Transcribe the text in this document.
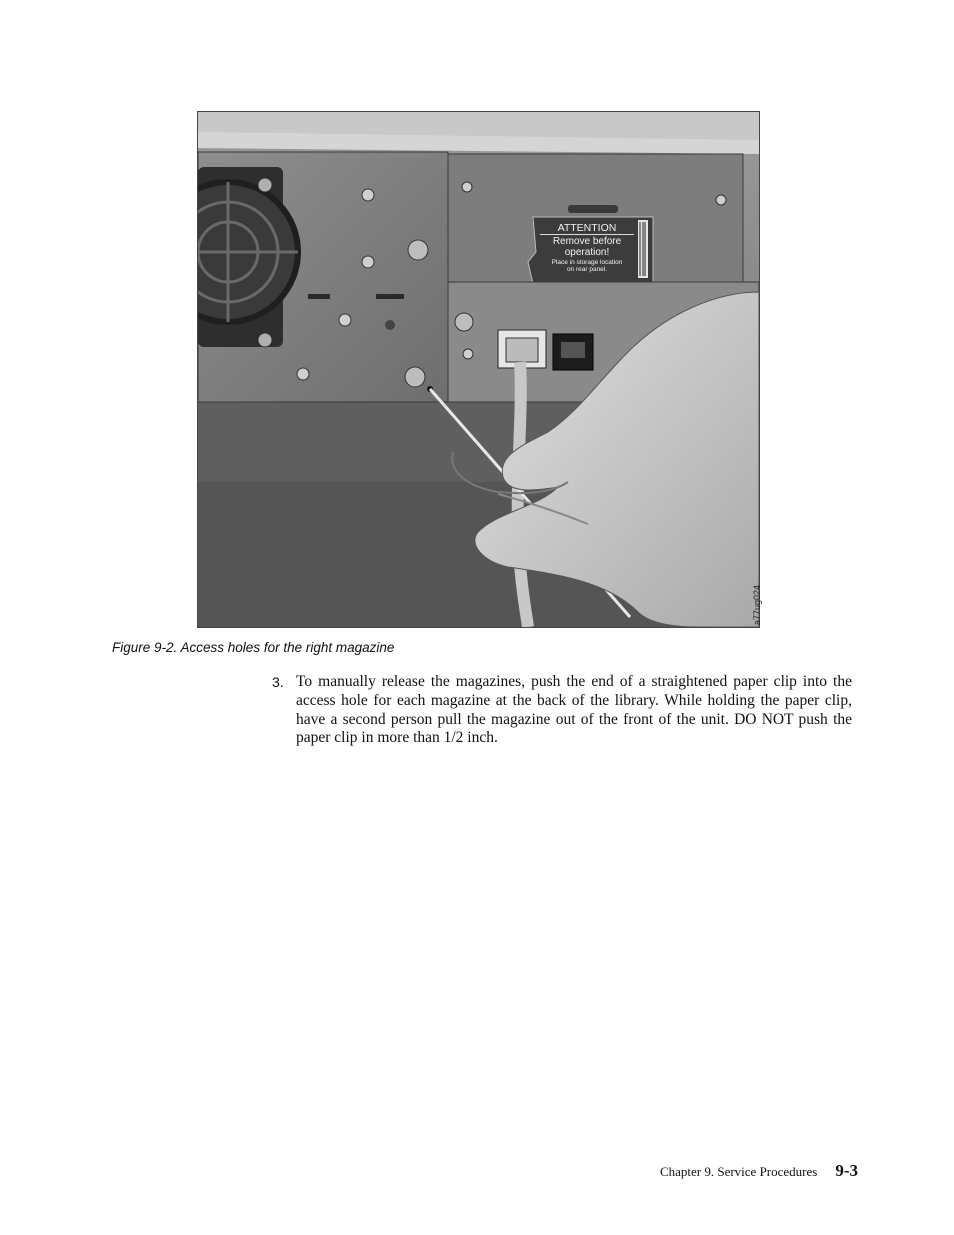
ATTENTION
Remove before
operation!
Place in storage location
on rear panel.
a77ug024
Figure 9-2. Access holes for the right magazine
3. To manually release the magazines, push the end of a straightened paper clip into the access hole for each magazine at the back of the library. While holding the paper clip, have a second person pull the magazine out of the front of the unit. DO NOT push the paper clip in more than 1/2 inch.
Chapter 9. Service Procedures 9-3
